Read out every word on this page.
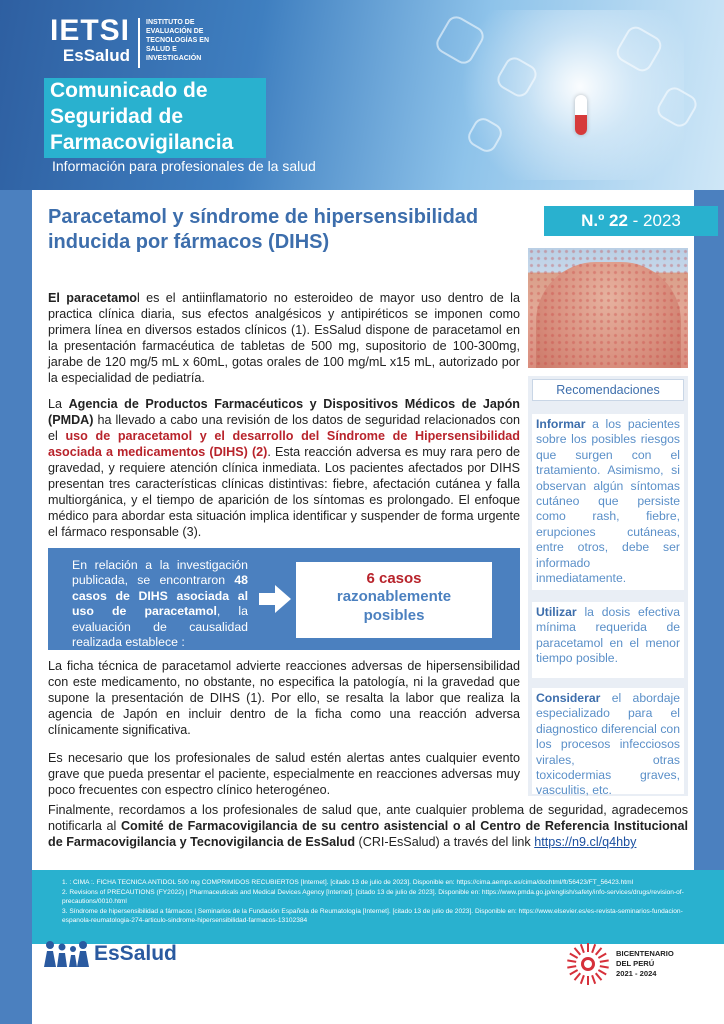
IETSI
EsSalud
INSTITUTO DE
EVALUACIÓN DE
TECNOLOGÍAS EN
SALUD E
INVESTIGACIÓN
Comunicado de
Seguridad de
Farmacovigilancia
Información para profesionales de la salud
Paracetamol y síndrome de hipersensibilidad inducida por fármacos (DIHS)
N.º 22 - 2023

El paracetamol es el antiinflamatorio no esteroideo de mayor uso dentro de la practica clínica diaria, sus efectos analgésicos y antipiréticos se imponen como primera línea en diversos estados clínicos (1). EsSalud dispone de paracetamol en la presentación farmacéutica de tabletas de 500 mg, supositorio de 100-300mg, jarabe de 120 mg/5 mL x 60mL, gotas orales de 100 mg/mL x15 mL, autorizado por la especialidad de pediatría.

La Agencia de Productos Farmacéuticos y Dispositivos Médicos de Japón (PMDA) ha llevado a cabo una revisión de los datos de seguridad relacionados con el uso de paracetamol y el desarrollo del Síndrome de Hipersensibilidad asociada a medicamentos (DIHS) (2). Esta reacción adversa es muy rara pero de gravedad, y requiere atención clínica inmediata. Los pacientes afectados por DIHS presentan tres características clínicas distintivas: fiebre, afectación cutánea y falla multiorgánica, y el tiempo de aparición de los síntomas es prolongado. El enfoque médico para abordar esta situación implica identificar y suspender de forma urgente el fármaco responsable (3).

En relación a la investigación publicada, se encontraron 48 casos de DIHS asociada al uso de paracetamol, la evaluación de causalidad realizada establece :

6 casos
razonablemente
posibles

La ficha técnica de paracetamol advierte reacciones adversas de hipersensibilidad con este medicamento, no obstante, no especifica la patología, ni la gravedad que supone la presentación de DIHS (1). Por ello, se resalta la labor que realiza la agencia de Japón en incluir dentro de la ficha como una reacción adversa clínicamente significativa.

Es necesario que los profesionales de salud estén alertas antes cualquier evento grave que pueda presentar el paciente, especialmente en reacciones adversas muy poco frecuentes con espectro clínico heterogéneo.

Finalmente, recordamos a los profesionales de salud que, ante cualquier problema de seguridad, agradecemos notificarla al Comité de Farmacovigilancia de su centro asistencial o al Centro de Referencia Institucional de Farmacovigilancia y Tecnovigilancia de EsSalud (CRI-EsSalud) a través del link https://n9.cl/q4hby

Recomendaciones
Informar a los pacientes sobre los posibles riesgos que surgen con el tratamiento. Asimismo, si observan algún síntomas cutáneo que persiste como rash, fiebre, erupciones cutáneas, entre otros, debe ser informado inmediatamente.
Utilizar la dosis efectiva mínima requerida de paracetamol en el menor tiempo posible.
Considerar el abordaje especializado para el diagnostico diferencial con los procesos infecciosos virales, otras toxicodermias graves, vasculitis, etc.

1. : CIMA :. FICHA TECNICA ANTIDOL 500 mg COMPRIMIDOS RECUBIERTOS [Internet]. [citado 13 de julio de 2023]. Disponible en: https://cima.aemps.es/cima/dochtml/ft/56423/FT_56423.html

2. Revisions of PRECAUTIONS (FY2022) | Pharmaceuticals and Medical Devices Agency [Internet]. [citado 13 de julio de 2023]. Disponible en: https://www.pmda.go.jp/english/safety/info-services/drugs/revision-of-precautions/0010.html

3. Síndrome de hipersensibilidad a fármacos | Seminarios de la Fundación Española de Reumatología [Internet]. [citado 13 de julio de 2023]. Disponible en: https://www.elsevier.es/es-revista-seminarios-fundacion-espanola-reumatologia-274-articulo-sindrome-hipersensibilidad-farmacos-13102384

EsSalud	BICENTENARIO
DEL PERÚ
2021 - 2024
